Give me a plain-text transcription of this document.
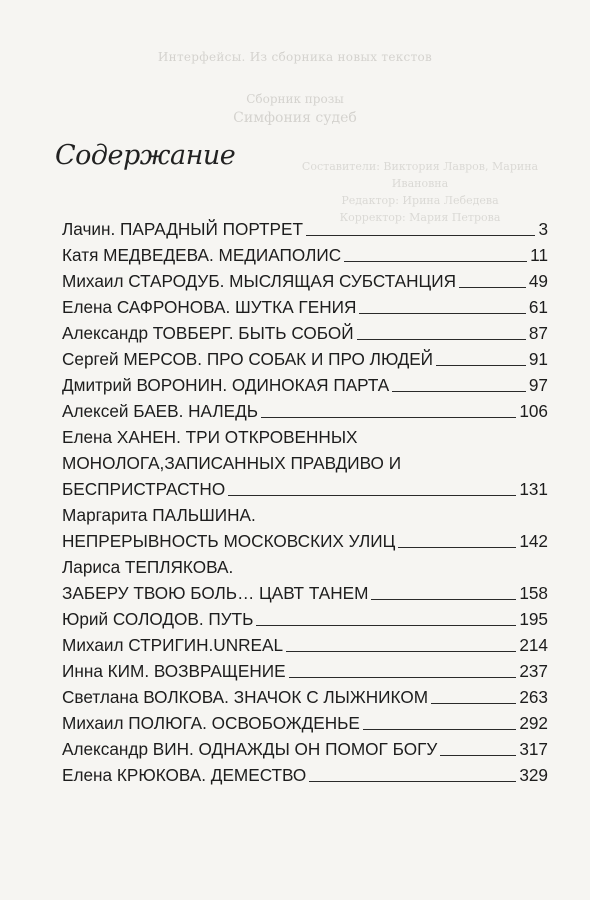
Интерфейсы. Из сборника новых текстов
Сборник прозы
Симфония судеб
Составители: Виктория Лавров, Марина Ивановна
Редактор: Ирина Лебедева
Корректор: Мария Петрова
Содержание
Лачин. ПАРАДНЫЙ ПОРТРЕТ	3
Катя МЕДВЕДЕВА. МЕДИАПОЛИС	11
Михаил СТАРОДУБ. МЫСЛЯЩАЯ СУБСТАНЦИЯ	49
Елена САФРОНОВА. ШУТКА ГЕНИЯ	61
Александр ТОВБЕРГ. БЫТЬ СОБОЙ	87
Сергей МЕРСОВ. ПРО СОБАК И ПРО ЛЮДЕЙ	91
Дмитрий ВОРОНИН. ОДИНОКАЯ ПАРТА	97
Алексей БАЕВ. НАЛЕДЬ	106
Елена ХАНЕН. ТРИ ОТКРОВЕННЫХ
МОНОЛОГА,ЗАПИСАННЫХ ПРАВДИВО И
БЕСПРИСТРАСТНО	131
Маргарита ПАЛЬШИНА.
НЕПРЕРЫВНОСТЬ МОСКОВСКИХ УЛИЦ	142
Лариса ТЕПЛЯКОВА.
ЗАБЕРУ ТВОЮ БОЛЬ… ЦАВТ ТАНЕМ	158
Юрий СОЛОДОВ. ПУТЬ	195
Михаил СТРИГИН.UNREAL	214
Инна КИМ. ВОЗВРАЩЕНИЕ	237
Светлана ВОЛКОВА. ЗНАЧОК С ЛЫЖНИКОМ	263
Михаил ПОЛЮГА. ОСВОБОЖДЕНЬЕ	292
Александр ВИН. ОДНАЖДЫ ОН ПОМОГ БОГУ	317
Елена КРЮКОВА. ДЕМЕСТВО	329
